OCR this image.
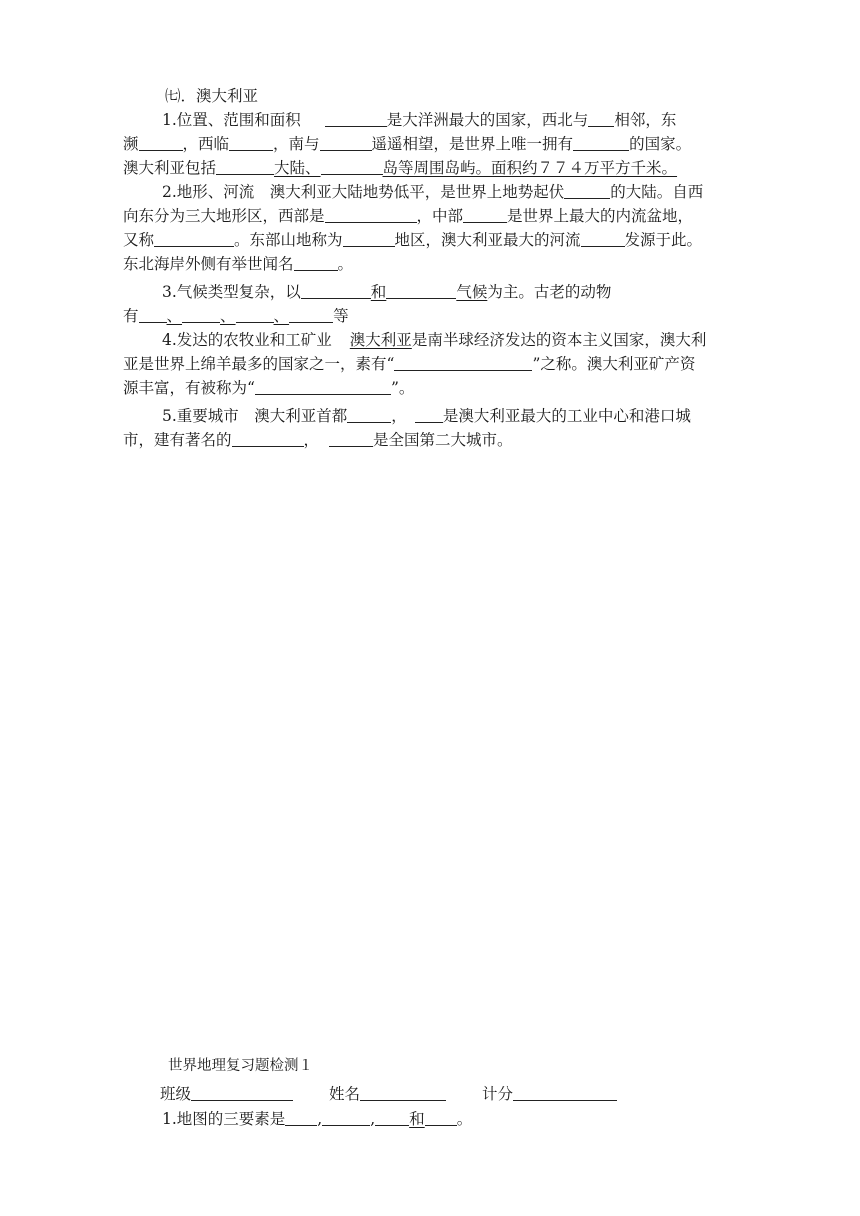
㈦．澳大利亚
1.位置、范围和面积	是大洋洲最大的国家，西北与 相邻，东
濒	，西临	，南与	遥遥相望，是世界上唯一拥有	的国家。
澳大利亚包括	大陆、	岛等周围岛屿。面积约７７４万平方千米。
2.地形、河流　澳大利亚大陆地势低平，是世界上地势起伏	的大陆。自西
向东分为三大地形区，西部是	，中部	是世界上最大的内流盆地，
又称	。东部山地称为	地区，澳大利亚最大的河流	发源于此。
东北海岸外侧有举世闻名	。
3.气候类型复杂，以	和	气候为主。古老的动物
有 、 、 、	等
4.发达的农牧业和工矿业 澳大利亚是南半球经济发达的资本主义国家，澳大利
亚是世界上绵羊最多的国家之一，素有“	”之称。澳大利亚矿产资
源丰富，有被称为“	”。
5.重要城市　澳大利亚首都	， 是澳大利亚最大的工业中心和港口城
市，建有著名的	，	是全国第二大城市。
世界地理复习题检测１
班级	姓名	计分
1.地图的三要素是 ,	, 和 。
